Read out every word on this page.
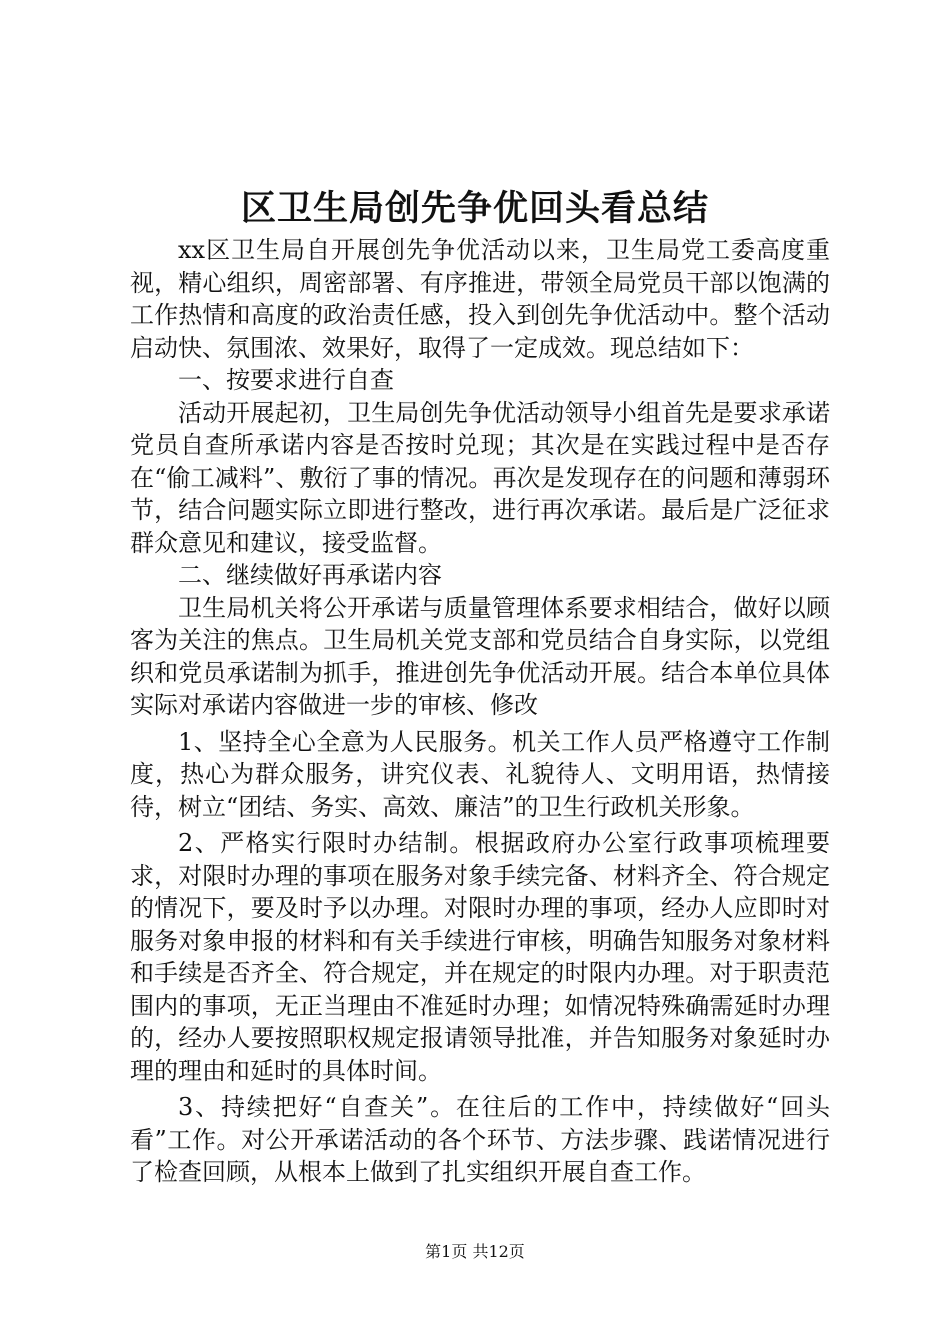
区卫生局创先争优回头看总结

xx区卫生局自开展创先争优活动以来，卫生局党工委高度重视，精心组织，周密部署、有序推进，带领全局党员干部以饱满的工作热情和高度的政治责任感，投入到创先争优活动中。整个活动启动快、氛围浓、效果好，取得了一定成效。现总结如下：

一、按要求进行自查

活动开展起初，卫生局创先争优活动领导小组首先是要求承诺党员自查所承诺内容是否按时兑现；其次是在实践过程中是否存在“偷工减料”、敷衍了事的情况。再次是发现存在的问题和薄弱环节，结合问题实际立即进行整改，进行再次承诺。最后是广泛征求群众意见和建议，接受监督。

二、继续做好再承诺内容

卫生局机关将公开承诺与质量管理体系要求相结合，做好以顾客为关注的焦点。卫生局机关党支部和党员结合自身实际，以党组织和党员承诺制为抓手，推进创先争优活动开展。结合本单位具体实际对承诺内容做进一步的审核、修改

1、坚持全心全意为人民服务。机关工作人员严格遵守工作制度，热心为群众服务，讲究仪表、礼貌待人、文明用语，热情接待，树立“团结、务实、高效、廉洁”的卫生行政机关形象。

2、严格实行限时办结制。根据政府办公室行政事项梳理要求，对限时办理的事项在服务对象手续完备、材料齐全、符合规定的情况下，要及时予以办理。对限时办理的事项，经办人应即时对服务对象申报的材料和有关手续进行审核，明确告知服务对象材料和手续是否齐全、符合规定，并在规定的时限内办理。对于职责范围内的事项，无正当理由不准延时办理；如情况特殊确需延时办理的，经办人要按照职权规定报请领导批准，并告知服务对象延时办理的理由和延时的具体时间。

3、持续把好“自查关”。在往后的工作中，持续做好“回头看”工作。对公开承诺活动的各个环节、方法步骤、践诺情况进行了检查回顾，从根本上做到了扎实组织开展自查工作。

第1页 共12页
